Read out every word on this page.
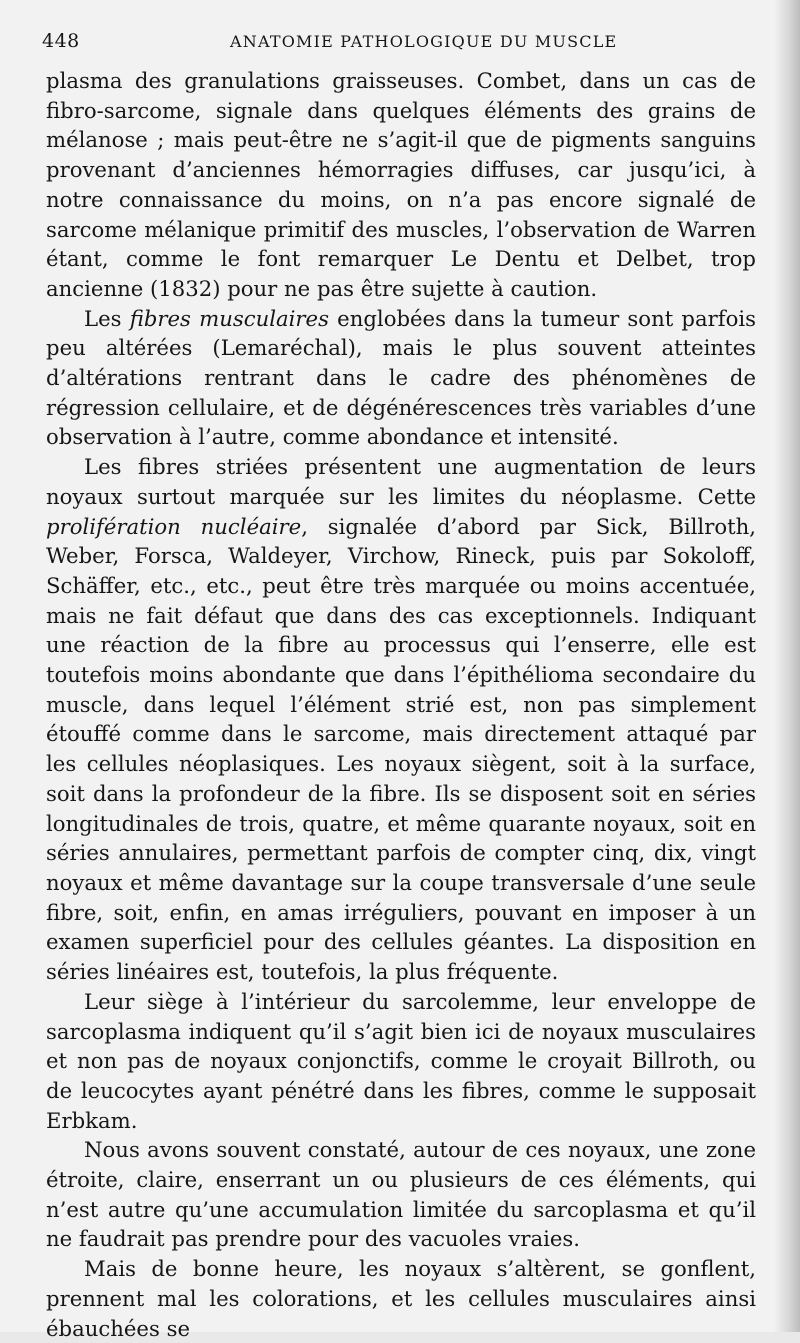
448	ANATOMIE PATHOLOGIQUE DU MUSCLE

plasma des granulations graisseuses. Combet, dans un cas de fibro-sarcome, signale dans quelques éléments des grains de mélanose ; mais peut-être ne s’agit-il que de pigments sanguins provenant d’anciennes hémorragies diffuses, car jusqu’ici, à notre connaissance du moins, on n’a pas encore signalé de sarcome mélanique primitif des muscles, l’observation de Warren étant, comme le font remarquer Le Dentu et Delbet, trop ancienne (1832) pour ne pas être sujette à caution.

Les fibres musculaires englobées dans la tumeur sont parfois peu altérées (Lemaréchal), mais le plus souvent atteintes d’altérations rentrant dans le cadre des phénomènes de régression cellulaire, et de dégénérescences très variables d’une observation à l’autre, comme abondance et intensité.

Les fibres striées présentent une augmentation de leurs noyaux surtout marquée sur les limites du néoplasme. Cette prolifération nucléaire, signalée d’abord par Sick, Billroth, Weber, Forsca, Waldeyer, Virchow, Rineck, puis par Sokoloff, Schäffer, etc., etc., peut être très marquée ou moins accentuée, mais ne fait défaut que dans des cas exceptionnels. Indiquant une réaction de la fibre au processus qui l’enserre, elle est toutefois moins abondante que dans l’épithélioma secondaire du muscle, dans lequel l’élément strié est, non pas simplement étouffé comme dans le sarcome, mais directement attaqué par les cellules néoplasiques. Les noyaux siègent, soit à la surface, soit dans la profondeur de la fibre. Ils se disposent soit en séries longitudinales de trois, quatre, et même quarante noyaux, soit en séries annulaires, permettant parfois de compter cinq, dix, vingt noyaux et même davantage sur la coupe transversale d’une seule fibre, soit, enfin, en amas irréguliers, pouvant en imposer à un examen superficiel pour des cellules géantes. La disposition en séries linéaires est, toutefois, la plus fréquente.

Leur siège à l’intérieur du sarcolemme, leur enveloppe de sarcoplasma indiquent qu’il s’agit bien ici de noyaux musculaires et non pas de noyaux conjonctifs, comme le croyait Billroth, ou de leucocytes ayant pénétré dans les fibres, comme le supposait Erbkam.

Nous avons souvent constaté, autour de ces noyaux, une zone étroite, claire, enserrant un ou plusieurs de ces éléments, qui n’est autre qu’une accumulation limitée du sarcoplasma et qu’il ne faudrait pas prendre pour des vacuoles vraies.

Mais de bonne heure, les noyaux s’altèrent, se gonflent, prennent mal les colorations, et les cellules musculaires ainsi ébauchées se
